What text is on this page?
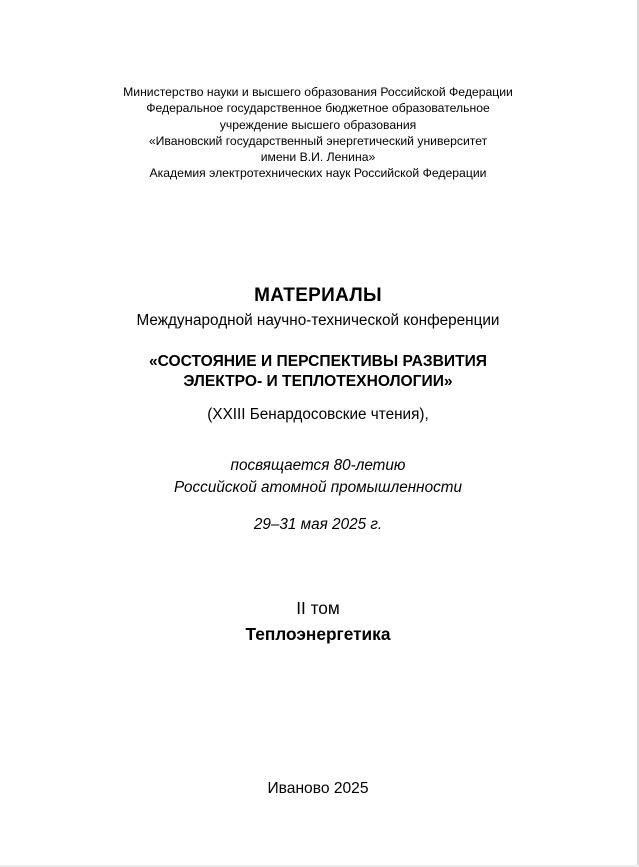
Министерство науки и высшего образования Российской Федерации
Федеральное государственное бюджетное образовательное
учреждение высшего образования
«Ивановский государственный энергетический университет
имени В.И. Ленина»
Академия электротехнических наук Российской Федерации
МАТЕРИАЛЫ
Международной научно-технической конференции
«СОСТОЯНИЕ И ПЕРСПЕКТИВЫ РАЗВИТИЯ
ЭЛЕКТРО- И ТЕПЛОТЕХНОЛОГИИ»
(XXIII Бенардосовские чтения),
посвящается 80-летию
Российской атомной промышленности
29–31 мая 2025 г.
II том
Теплоэнергетика
Иваново 2025
